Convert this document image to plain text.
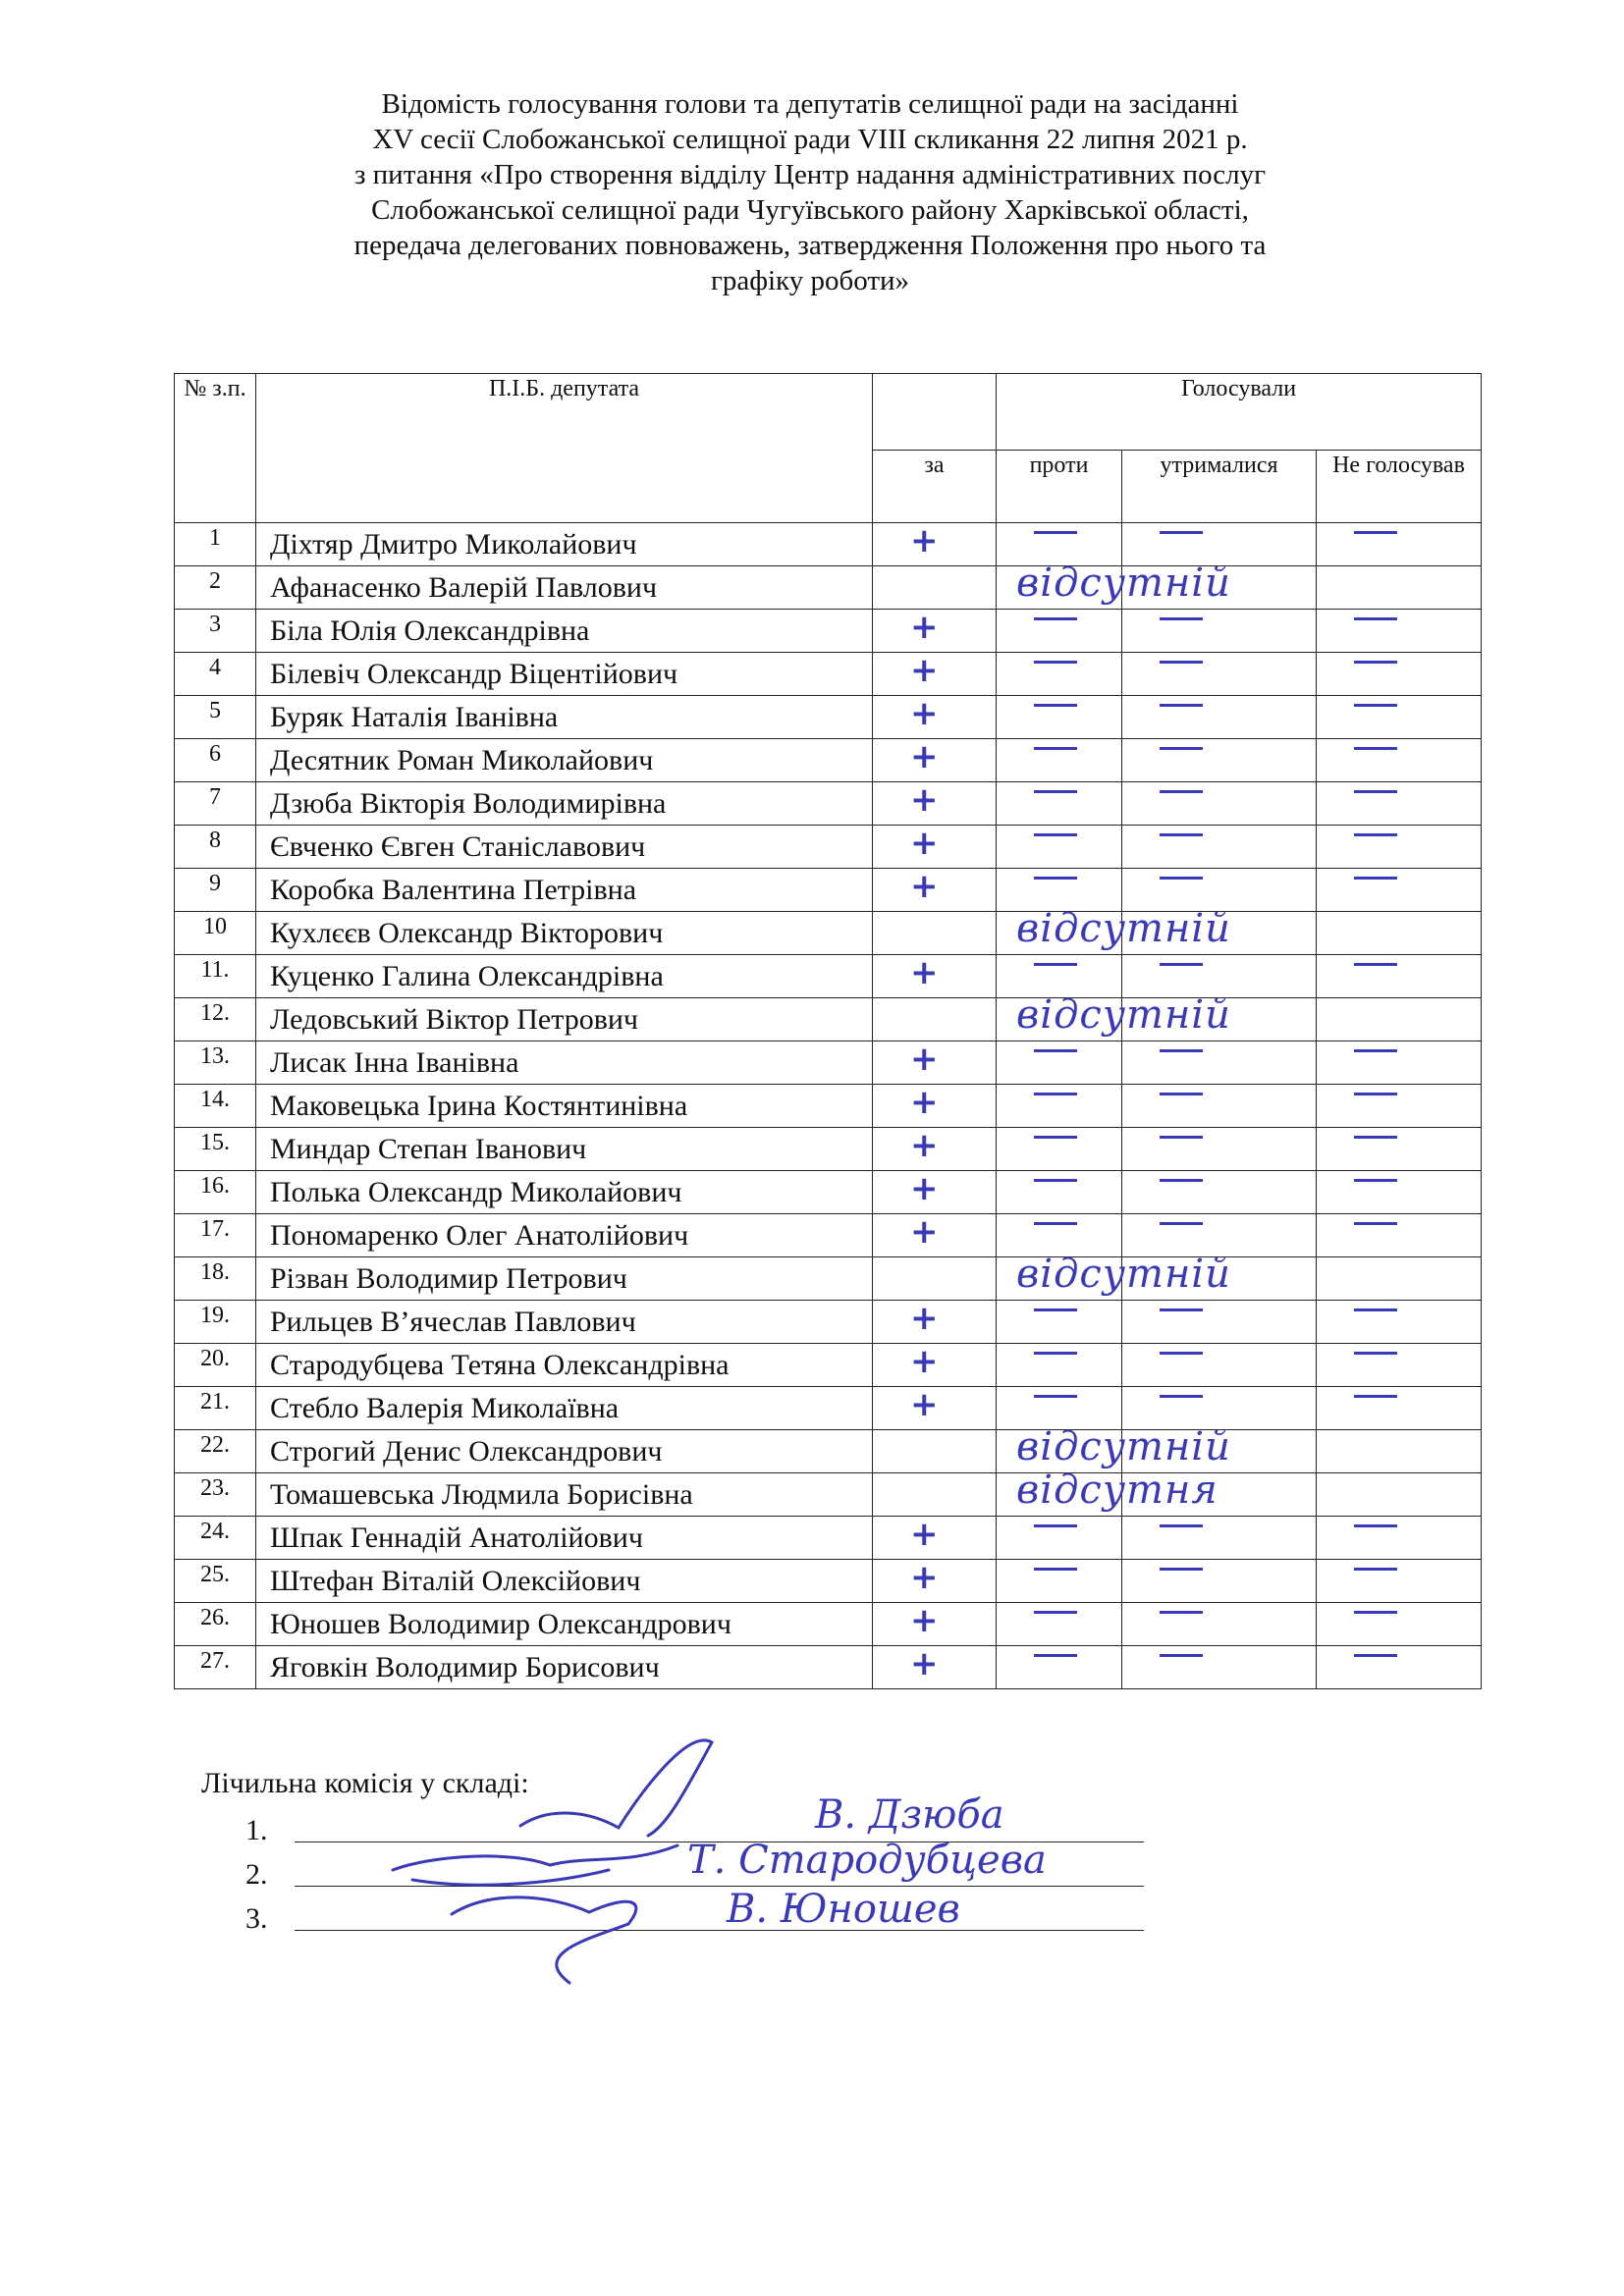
Відомість голосування голови та депутатів селищної ради на засіданні
XV сесії Слобожанської селищної ради VIII скликання 22 липня 2021 р.
з питання «Про створення відділу Центр надання адміністративних послуг
Слобожанської селищної ради Чугуївського району Харківської області,
передача делегованих повноважень, затвердження Положення про нього та
графіку роботи»
№ з.п.	П.І.Б. депутата		Голосували		
		за	проти	утрималися	Не голосував
1	Діхтяр Дмитро Миколайович	+			

2	Афанасенко Валерій Павлович		відсутній		

3	Біла Юлія Олександрівна	+			

4	Білевіч Олександр Віцентійович	+			

5	Буряк Наталія Іванівна	+			

6	Десятник Роман Миколайович	+			

7	Дзюба Вікторія Володимирівна	+			

8	Євченко Євген Станіславович	+			

9	Коробка Валентина Петрівна	+			

10	Кухлєєв Олександр Вікторович		відсутній		

11.	Куценко Галина Олександрівна	+			

12.	Ледовський Віктор Петрович		відсутній		

13.	Лисак Інна Іванівна	+			

14.	Маковецька Ірина Костянтинівна	+			

15.	Миндар Степан Іванович	+			

16.	Полька Олександр Миколайович	+			

17.	Пономаренко Олег Анатолійович	+			

18.	Різван Володимир Петрович		відсутній		

19.	Рильцев В’ячеслав Павлович	+			

20.	Стародубцева Тетяна Олександрівна	+			

21.	Стебло Валерія Миколаївна	+			

22.	Строгий Денис Олександрович		відсутній		

23.	Томашевська Людмила Борисівна		відсутня		

24.	Шпак Геннадій Анатолійович	+			

25.	Штефан Віталій Олексійович	+			

26.	Юношев Володимир Олександрович	+			

27.	Яговкін Володимир Борисович	+			

Лічильна комісія у складі:
1.
2.
3.
В. Дзюба
Т. Стародубцева
В. Юношев
